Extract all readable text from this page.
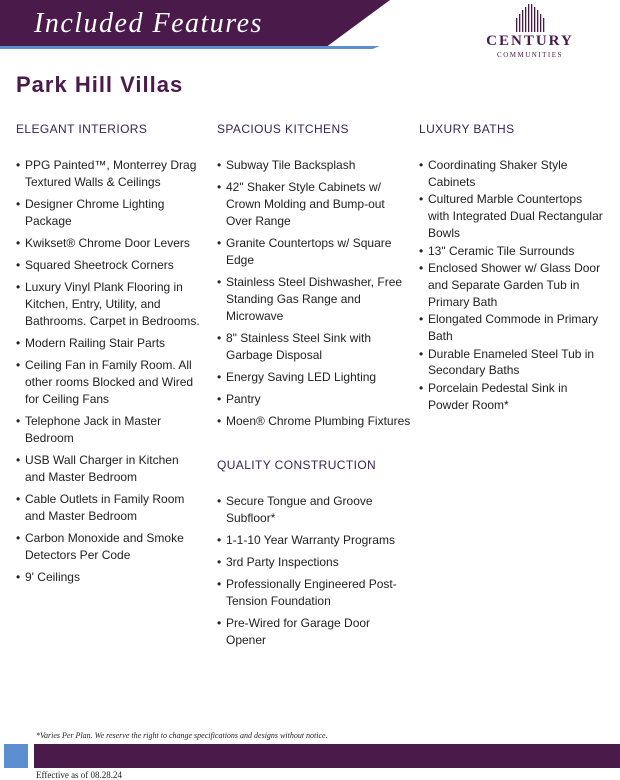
Included Features
CENTURY
COMMUNITIES
Park Hill Villas
ELEGANT INTERIORS
• PPG Painted™, Monterrey Drag Textured Walls & Ceilings
• Designer Chrome Lighting Package
• Kwikset® Chrome Door Levers
• Squared Sheetrock Corners
• Luxury Vinyl Plank Flooring in Kitchen, Entry, Utility, and Bathrooms. Carpet in Bedrooms.
• Modern Railing Stair Parts
• Ceiling Fan in Family Room. All other rooms Blocked and Wired for Ceiling Fans
• Telephone Jack in Master Bedroom
• USB Wall Charger in Kitchen and Master Bedroom
• Cable Outlets in Family Room and Master Bedroom
• Carbon Monoxide and Smoke Detectors Per Code
• 9' Ceilings
SPACIOUS KITCHENS
• Subway Tile Backsplash
• 42" Shaker Style Cabinets w/ Crown Molding and Bump-out Over Range
• Granite Countertops w/ Square Edge
• Stainless Steel Dishwasher, Free Standing Gas Range and Microwave
• 8" Stainless Steel Sink with Garbage Disposal
• Energy Saving LED Lighting
• Pantry
• Moen® Chrome Plumbing Fixtures
QUALITY CONSTRUCTION
• Secure Tongue and Groove Subfloor*
• 1-1-10 Year Warranty Programs
• 3rd Party Inspections
• Professionally Engineered Post-Tension Foundation
• Pre-Wired for Garage Door Opener
LUXURY BATHS
• Coordinating Shaker Style Cabinets
• Cultured Marble Countertops with Integrated Dual Rectangular Bowls
• 13" Ceramic Tile Surrounds
• Enclosed Shower w/ Glass Door and Separate Garden Tub in Primary Bath
• Elongated Commode in Primary Bath
• Durable Enameled Steel Tub in Secondary Baths
• Porcelain Pedestal Sink in Powder Room*
*Varies Per Plan. We reserve the right to change specifications and designs without notice.
Effective as of 08.28.24
